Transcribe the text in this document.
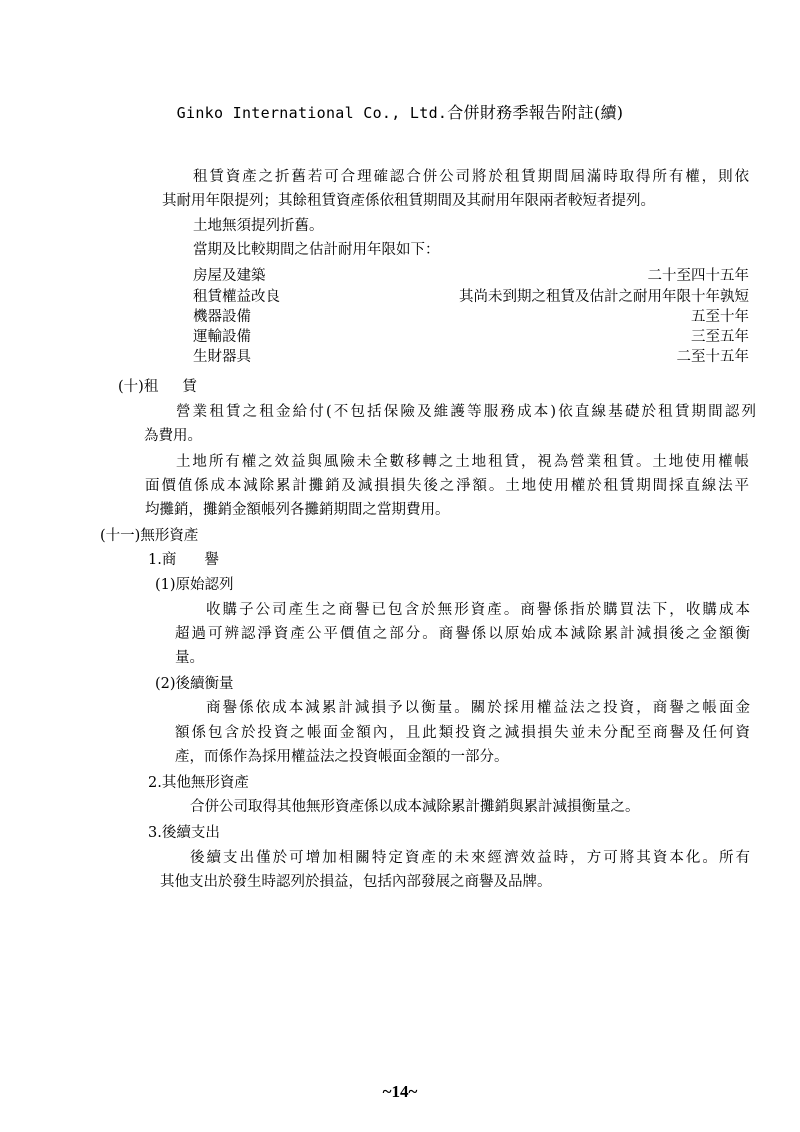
Ginko International Co., Ltd.合併財務季報告附註(續)
租賃資產之折舊若可合理確認合併公司將於租賃期間屆滿時取得所有權，則依
其耐用年限提列；其餘租賃資產係依租賃期間及其耐用年限兩者較短者提列。
土地無須提列折舊。
當期及比較期間之估計耐用年限如下：
房屋及建築	二十至四十五年
租賃權益改良	其尚未到期之租賃及估計之耐用年限十年孰短
機器設備	五至十年
運輸設備	三至五年
生財器具	二至十五年
(十)租 賃
營業租賃之租金給付(不包括保險及維護等服務成本)依直線基礎於租賃期間認列
為費用。
土地所有權之效益與風險未全數移轉之土地租賃，視為營業租賃。土地使用權帳
面價值係成本減除累計攤銷及減損損失後之淨額。土地使用權於租賃期間採直線法平
均攤銷，攤銷金額帳列各攤銷期間之當期費用。
(十一)無形資產
1.商 譽
(1)原始認列
收購子公司產生之商譽已包含於無形資產。商譽係指於購買法下，收購成本
超過可辨認淨資產公平價值之部分。商譽係以原始成本減除累計減損後之金額衡
量。
(2)後續衡量
商譽係依成本減累計減損予以衡量。關於採用權益法之投資，商譽之帳面金
額係包含於投資之帳面金額內，且此類投資之減損損失並未分配至商譽及任何資
產，而係作為採用權益法之投資帳面金額的一部分。
2.其他無形資產
合併公司取得其他無形資產係以成本減除累計攤銷與累計減損衡量之。
3.後續支出
後續支出僅於可增加相關特定資產的未來經濟效益時，方可將其資本化。所有
其他支出於發生時認列於損益，包括內部發展之商譽及品牌。
~14~
